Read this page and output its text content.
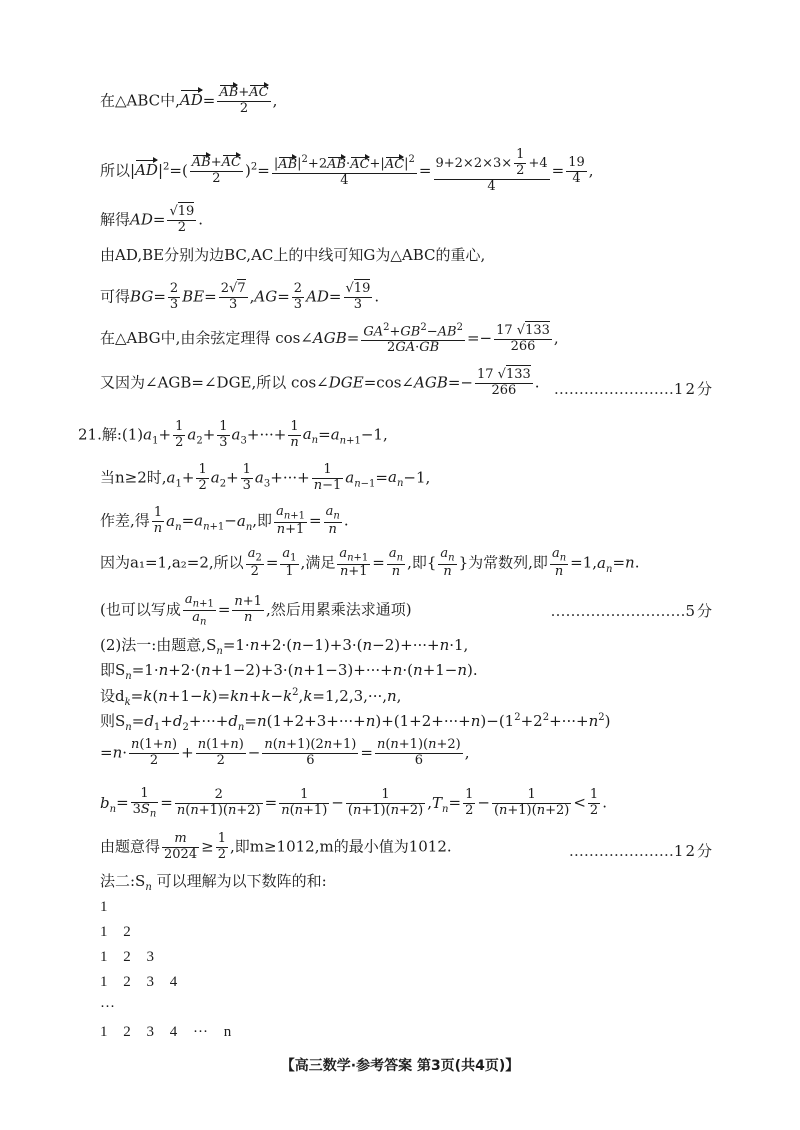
在△ABC中$,AD= \frac{AB+AC}{2}$ ,
所以$|AD|^2=( \frac{AB+AC}{2} )^2= \frac{|AB|^2+2AB\cdot AC+|AC|^2}{4} = \frac{9+2\times 2\times 3\times \frac{1}{2} +4}{4} = \frac{19}{4}$ ,
解得AD= √ $\frac{19}{2}$ .
由AD,BE分别为边BC,AC上的中线可知G为△ABC的重心,
可得$BG= \frac{2}{3} BE= \frac{2 √ 7}{3} ,AG= \frac{2}{3} AD=$ √ $\frac{19}{3}$ .
在△ABG中,由余弦定理得 cos∠AGB= $\frac{GA^2+GB^2-AB^2}{2GA\cdot GB} =- \frac{17 √ 133}{266}$ ,
又因为∠AGB=∠DGE,所以 cos∠DGE=cos∠AGB=− $\frac{17 √ 133}{266}$ . ……………………12分
21.解$:(1)a_1+ \frac{1}{2} a_2+ \frac{1}{3} a_3+\cdot\cdot\cdot+ \frac{1}{n} a_n=a_{n+1}-1$,
当n≥2时$,a_1+ \frac{1}{2} a_2+ \frac{1}{3} a_3+\cdot\cdot\cdot+ \frac{1}{n-1} a_{n-1}=a_n-1$,
作差,得 $\frac{1}{n} a_n=a_{n+1}-a_n$,即 $\frac{a_{n+1}}{n+1} = \frac{a_n}{n}$ .
因为a₁=1,a₂=2,所以 $\frac{a_2}{2} = \frac{a_1}{1}$ ,满足 $\frac{a_{n+1}}{n+1} = \frac{a_n}{n}$ ,即{ $\frac{a_n}{n}$ }为常数列,即 $\frac{a_n}{n} =1,a_n=n$.
(也可以写成 $\frac{a_{n+1}}{a_n} = \frac{n+1}{n}$ ,然后用累乘法求通项)	………………………5分
(2)法一:由题意$,S_n=1\cdot n+2\cdot(n-1)+3\cdot(n-2)+\cdot\cdot\cdot+n\cdot 1$,
即$S_n=1\cdot n+2\cdot(n+1-2)+3\cdot(n+1-3)+\cdot\cdot\cdot+n\cdot(n+1-n)$.
设$d_k=k(n+1-k)=kn+k-k^2,k=1,2,3,\cdot\cdot\cdot,n$,
则$S_n=d_1+d_2+\cdot\cdot\cdot+d_n=n(1+2+3+\cdot\cdot\cdot+n)+(1+2+\cdot\cdot\cdot+n)-(1^2+2^2+\cdot\cdot\cdot+n^2)$
$=n\cdot \frac{n(1+n)}{2} + \frac{n(1+n)}{2} - \frac{n(n+1)(2n+1)}{6} = \frac{n(n+1)(n+2)}{6}$ ,
$b_n= \frac{1}{3S_n} = \frac{2}{n(n+1)(n+2)} = \frac{1}{n(n+1)} - \frac{1}{(n+1)(n+2)} ,T_n= \frac{1}{2} - \frac{1}{(n+1)(n+2)} < \frac{1}{2}$ .
由题意得 $\frac{m}{2024} \ge \frac{1}{2}$ ,即m≥1012,m的最小值为1012.	…………………12分
法二$:S_n$ 可以理解为以下数阵的和:
1
1 2
1 2 3
1 2 3 4
···
1 2 3 4 ··· n
【高三数学·参考答案 第3页(共4页)】
